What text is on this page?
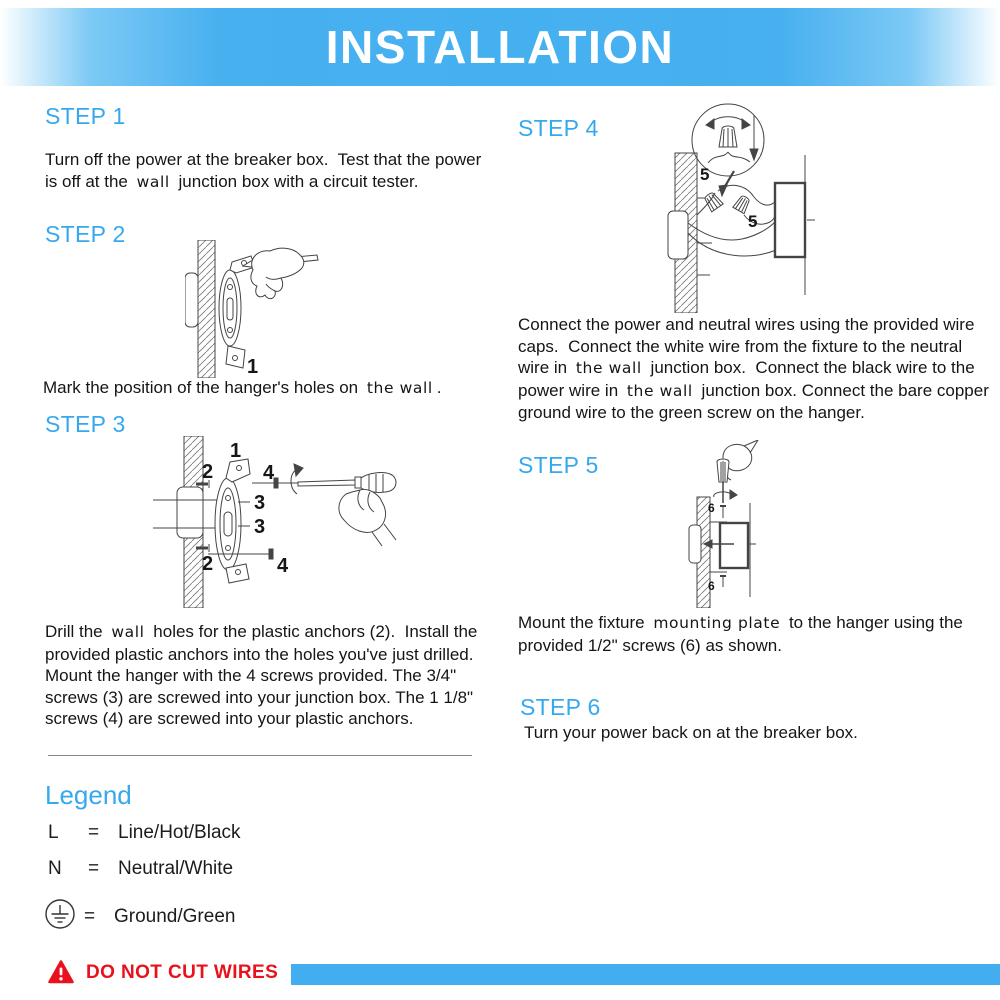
INSTALLATION
STEP 1
Turn off the power at the breaker box.  Test that the power is off at the wall junction box with a circuit tester.
STEP 2
1
Mark the position of the hanger's holes on the wall .
STEP 3
1
2
2
3
3
4
4
Drill the wall holes for the plastic anchors (2).  Install the provided plastic anchors into the holes you've just drilled.  Mount the hanger with the 4 screws provided. The 3/4" screws (3) are screwed into your junction box. The 1 1/8" screws (4) are screwed into your plastic anchors.
Legend
L = Line/Hot/Black
N = Neutral/White
= Ground/Green
STEP 4
5
5
Connect the power and neutral wires using the provided wire caps.  Connect the white wire from the fixture to the neutral wire in the wall junction box.  Connect the black wire to the power wire in the wall junction box. Connect the bare copper ground wire to the green screw on the hanger.
STEP 5
6
6
Mount the fixture mounting plate to the hanger using the provided 1/2" screws (6) as shown.
STEP 6
Turn your power back on at the breaker box.
DO NOT CUT WIRES
